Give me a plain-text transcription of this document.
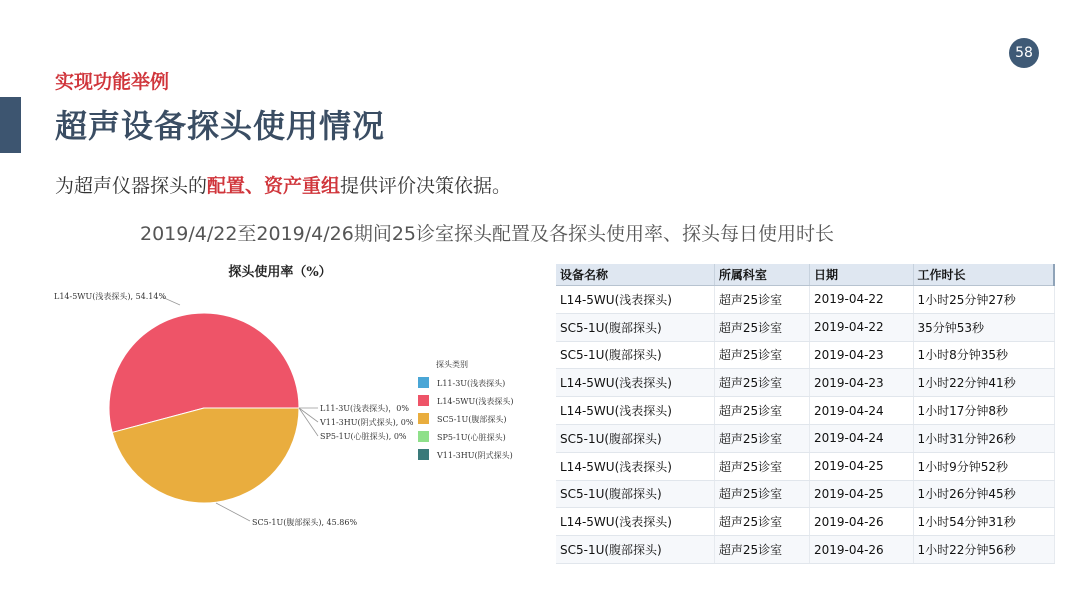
58
实现功能举例
超声设备探头使用情况
为超声仪器探头的配置、资产重组提供评价决策依据。
2019/4/22至2019/4/26期间25诊室探头配置及各探头使用率、探头每日使用时长
探头使用率（%）
L14-5WU(浅表探头), 54.14%
SC5-1U(腹部探头), 45.86%
L11-3U(浅表探头)，0%
V11-3HU(阴式探头), 0%
SP5-1U(心脏探头), 0%
探头类别
L11-3U(浅表探头)
L14-5WU(浅表探头)
SC5-1U(腹部探头)
SP5-1U(心脏探头)
V11-3HU(阴式探头)
设备名称	所属科室	日期	工作时长
L14-5WU(浅表探头)	超声25诊室	2019-04-22	1小时25分钟27秒
SC5-1U(腹部探头)	超声25诊室	2019-04-22	35分钟53秒
SC5-1U(腹部探头)	超声25诊室	2019-04-23	1小时8分钟35秒
L14-5WU(浅表探头)	超声25诊室	2019-04-23	1小时22分钟41秒
L14-5WU(浅表探头)	超声25诊室	2019-04-24	1小时17分钟8秒
SC5-1U(腹部探头)	超声25诊室	2019-04-24	1小时31分钟26秒
L14-5WU(浅表探头)	超声25诊室	2019-04-25	1小时9分钟52秒
SC5-1U(腹部探头)	超声25诊室	2019-04-25	1小时26分钟45秒
L14-5WU(浅表探头)	超声25诊室	2019-04-26	1小时54分钟31秒
SC5-1U(腹部探头)	超声25诊室	2019-04-26	1小时22分钟56秒
